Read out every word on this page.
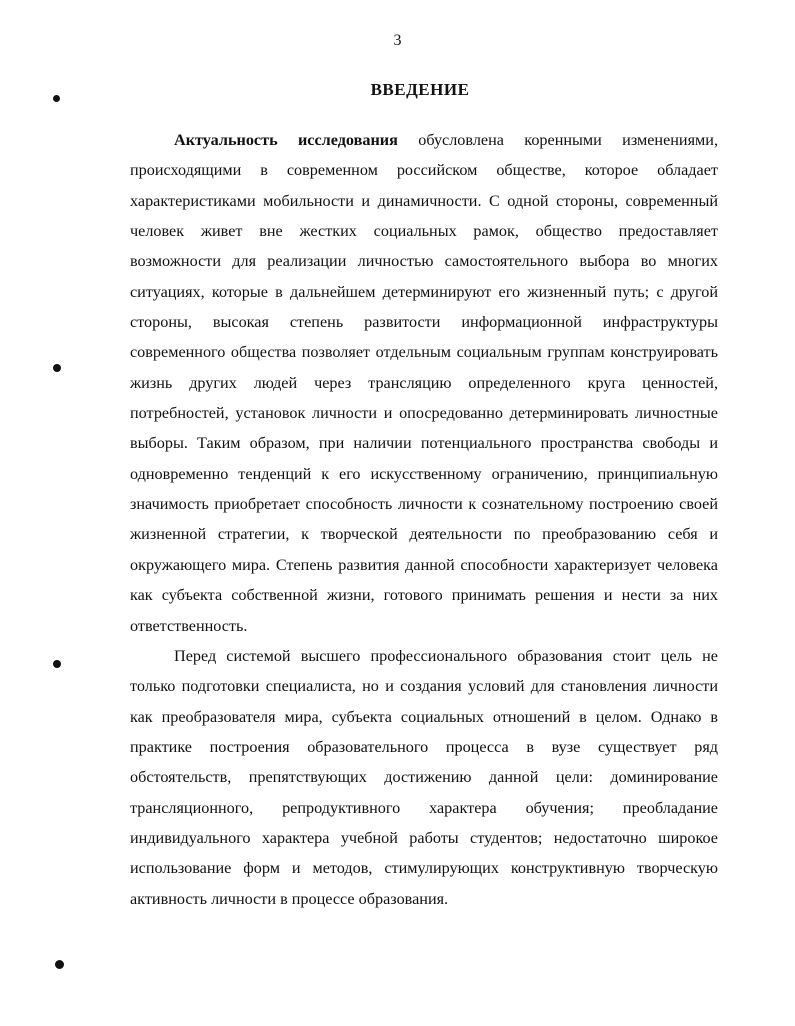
3
ВВЕДЕНИЕ

Актуальность исследования обусловлена коренными изменениями, происходящими в современном российском обществе, которое обладает характеристиками мобильности и динамичности. С одной стороны, современный человек живет вне жестких социальных рамок, общество предоставляет возможности для реализации личностью самостоятельного выбора во многих ситуациях, которые в дальнейшем детерминируют его жизненный путь; с другой стороны, высокая степень развитости информационной инфраструктуры современного общества позволяет отдельным социальным группам конструировать жизнь других людей через трансляцию определенного круга ценностей, потребностей, установок личности и опосредованно детерминировать личностные выборы. Таким образом, при наличии потенциального пространства свободы и одновременно тенденций к его искусственному ограничению, принципиальную значимость приобретает способность личности к сознательному построению своей жизненной стратегии, к творческой деятельности по преобразованию себя и окружающего мира. Степень развития данной способности характеризует человека как субъекта собственной жизни, готового принимать решения и нести за них ответственность.

Перед системой высшего профессионального образования стоит цель не только подготовки специалиста, но и создания условий для становления личности как преобразователя мира, субъекта социальных отношений в целом. Однако в практике построения образовательного процесса в вузе существует ряд обстоятельств, препятствующих достижению данной цели: доминирование трансляционного, репродуктивного характера обучения; преобладание индивидуального характера учебной работы студентов; недостаточно широкое использование форм и методов, стимулирующих конструктивную творческую активность личности в процессе образования.
